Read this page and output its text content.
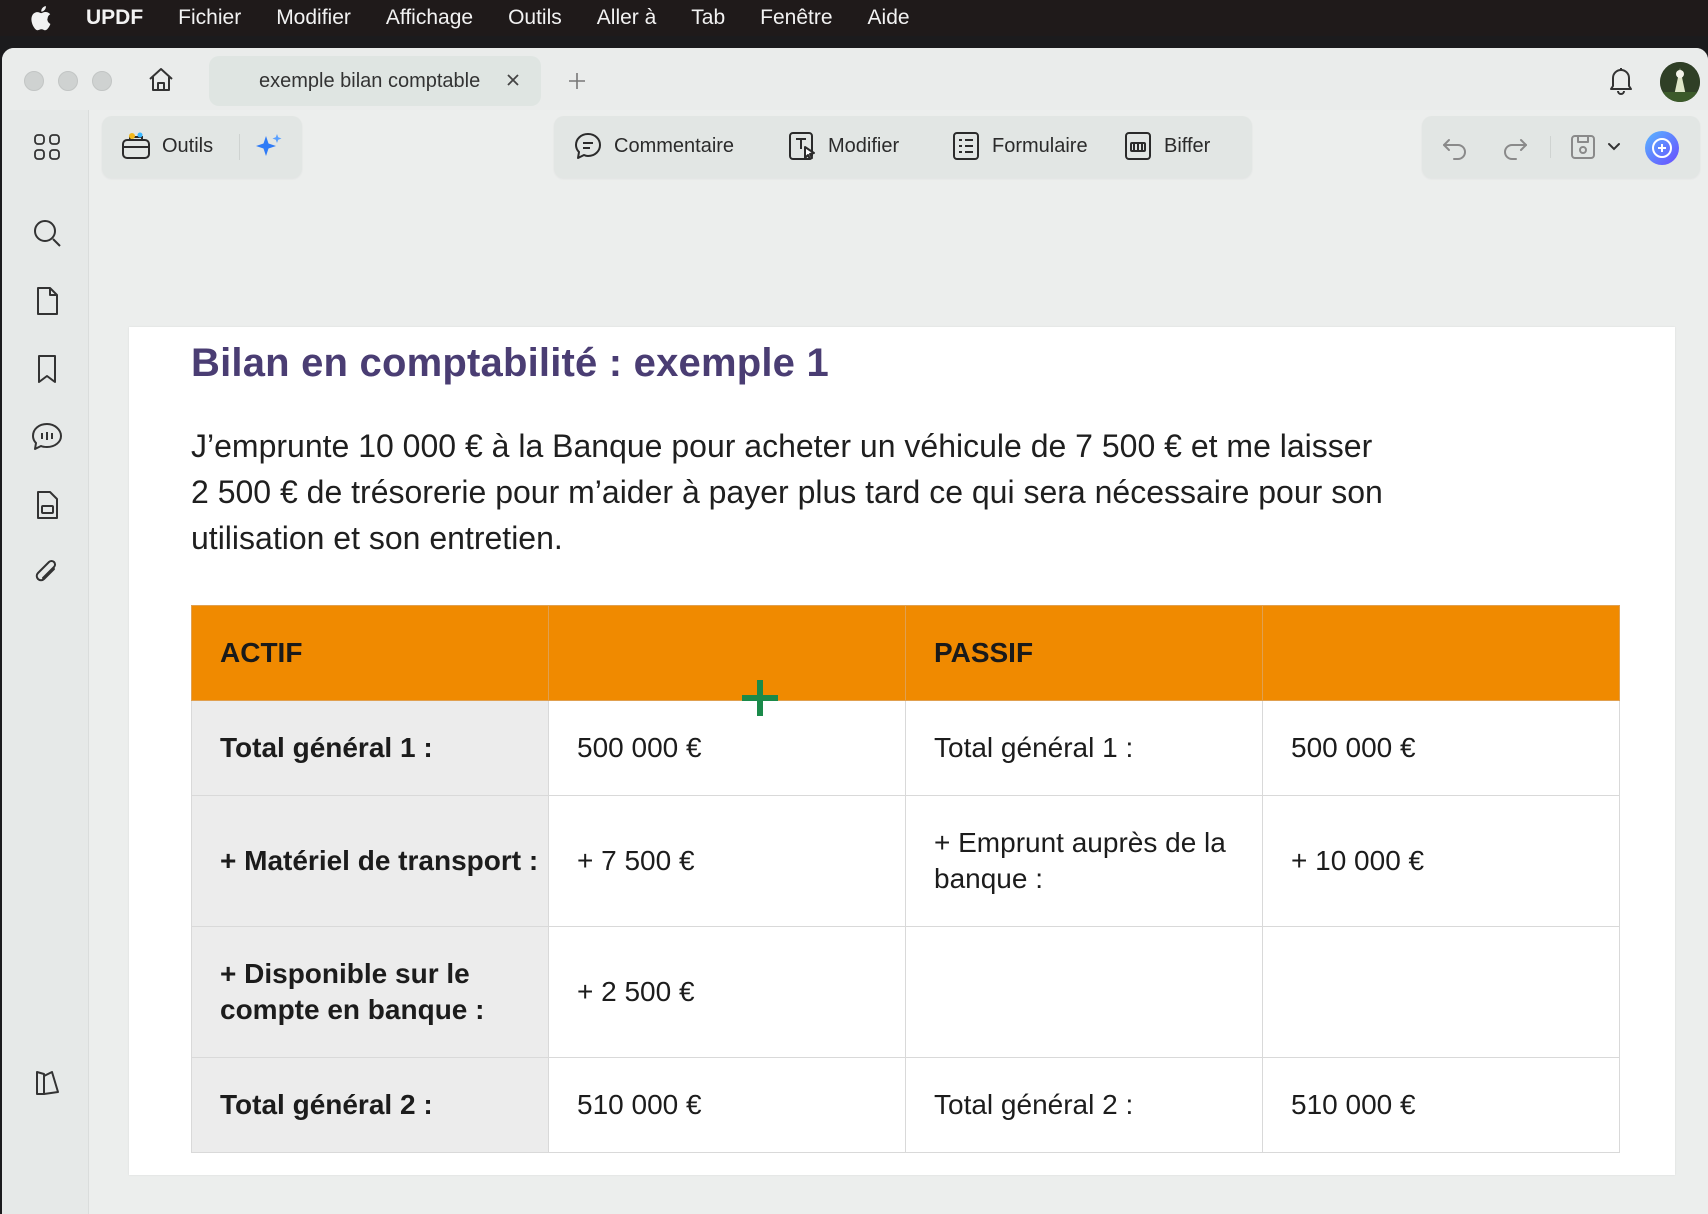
UPDF Fichier Modifier Affichage Outils Aller à Tab Fenêtre Aide
exemple bilan comptable
Outils	Commentaire	Modifier	Formulaire	Biffer
Bilan en comptabilité : exemple 1
J’emprunte 10 000 € à la Banque pour acheter un véhicule de 7 500 € et me laisser
2 500 € de trésorerie pour m’aider à payer plus tard ce qui sera nécessaire pour son
utilisation et son entretien.
ACTIF		PASSIF	
Total général 1 :	500 000 €	Total général 1 :	500 000 €
+ Matériel de transport :	+ 7 500 €	+ Emprunt auprès de la banque :	+ 10 000 €
+ Disponible sur le compte en banque :	+ 2 500 €		
Total général 2 :	510 000 €	Total général 2 :	510 000 €
